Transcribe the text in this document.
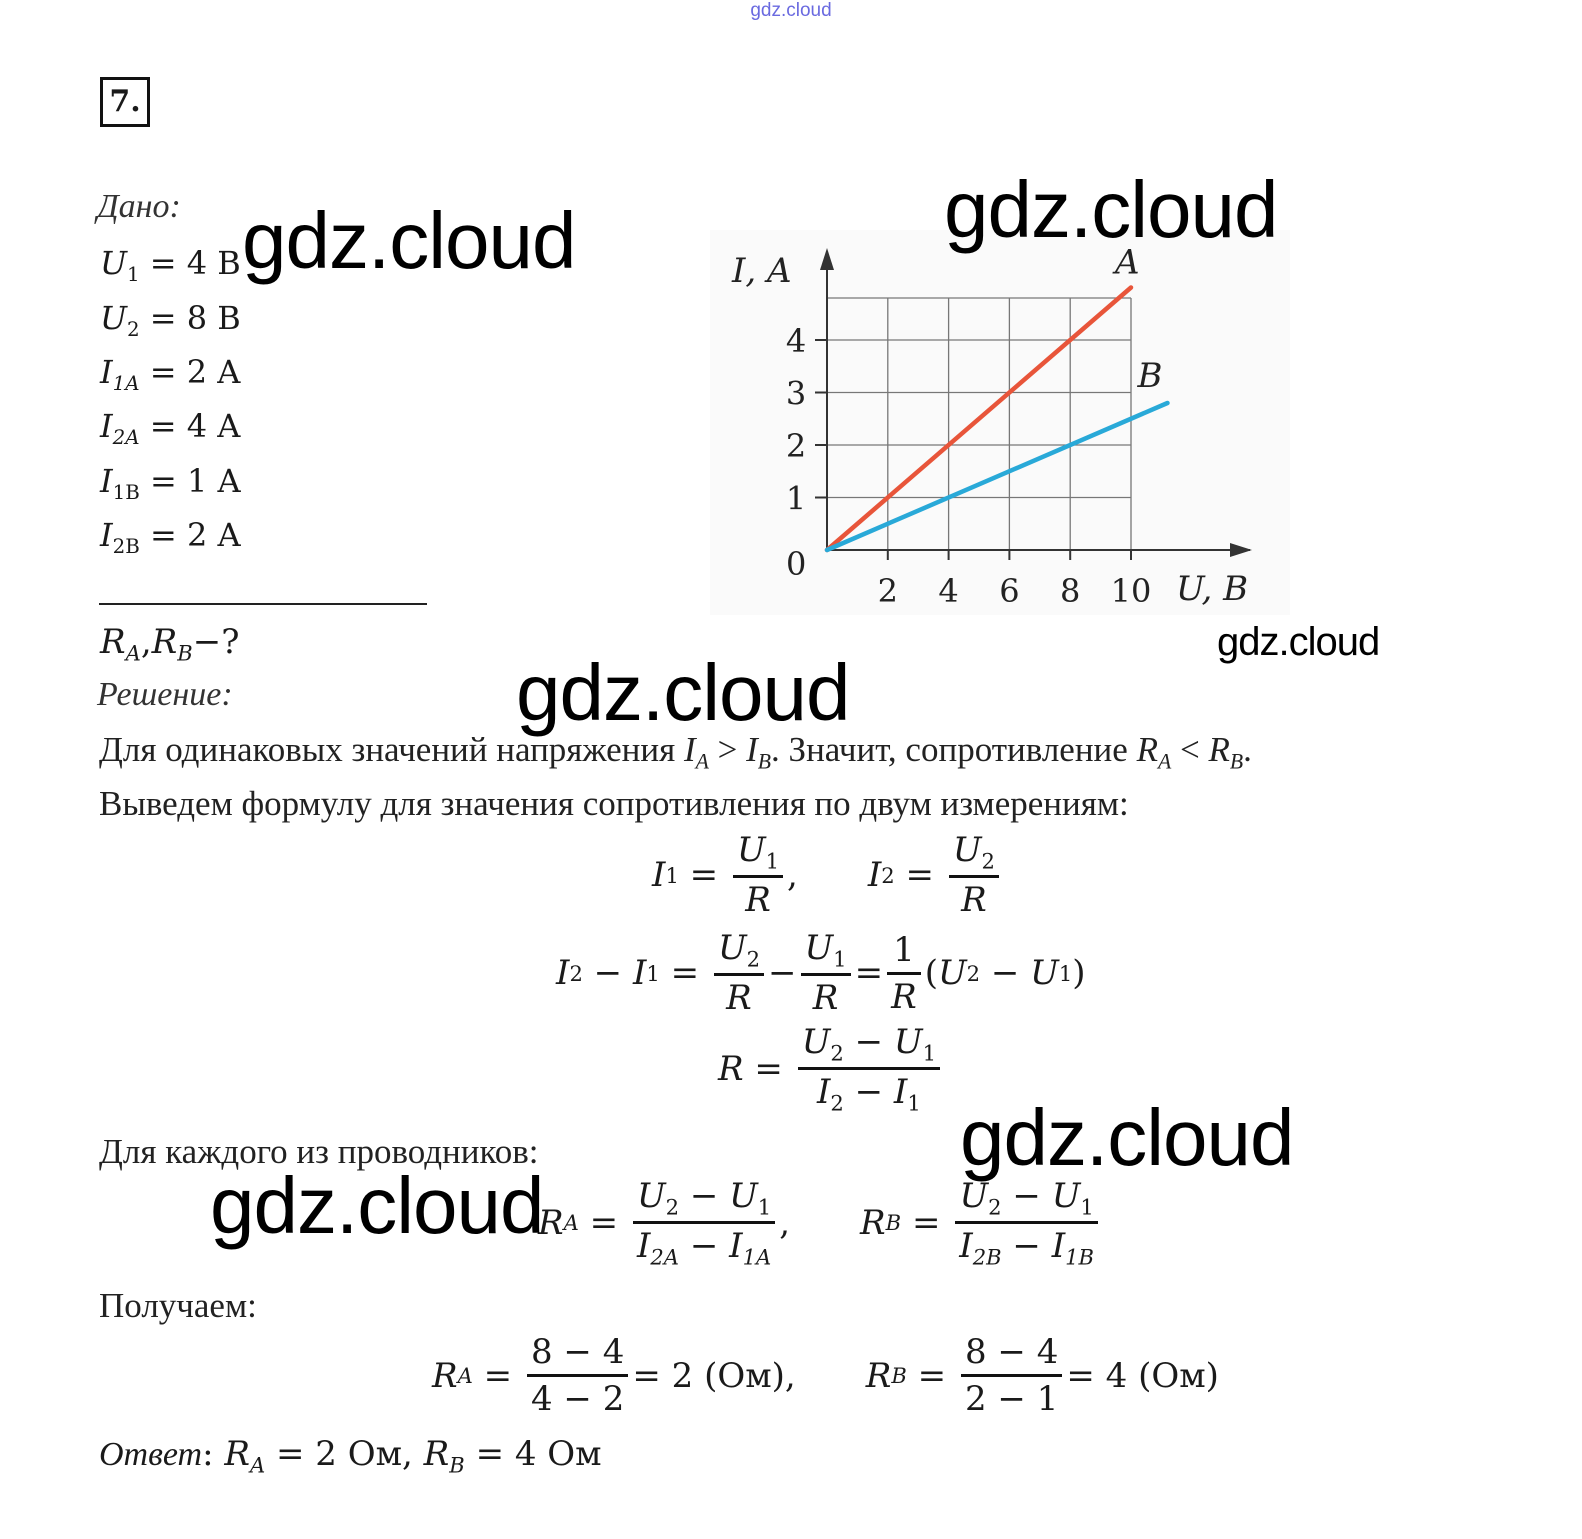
gdz.cloud
7.
Дано:
$U_1 = 4$ В
$U_2 = 8$ В
$I_{1A} = 2$ A
$I_{2A} = 4$ A
$I_{1B} = 1$ A
$I_{2B} = 2$ A
$R_A,R_B-$?
Решение:
2 4 6 8 10
1
2
3
4
A
B
I, A
U, B
0
Для одинаковых значений напряжения $I_A > I_B$. Значит, сопротивление $R_A < R_B$.
Выведем формулу для значения сопротивления по двум измерениям:
I $1 = \frac{U_1}{R}$ , I $2 = \frac{U_2}{R}$
I 2 − I $1 = \frac{U_2}{R} - \frac{U_1}{R} = \frac{1}{R}$ ( U 2 − U 1 )
$R = \frac{U_2 - U_1}{I_2 - I_1}$
Для каждого из проводников:
R $A = \frac{U_2 - U_1}{I_{2A} - I_{1A}}$ , R $B = \frac{U_2 - U_1}{I_{2B} - I_{1B}}$
Получаем:
R $A = \frac{8 - 4}{4 - 2} = 2$ (Ом), R $B = \frac{8 - 4}{2 - 1} = 4$ (Ом)
Ответ: $R_A = 2$ Ом, $R_B = 4$ Ом
gdz.cloud	gdz.cloud
gdz.cloud
gdz.cloud
gdz.cloud
gdz.cloud
